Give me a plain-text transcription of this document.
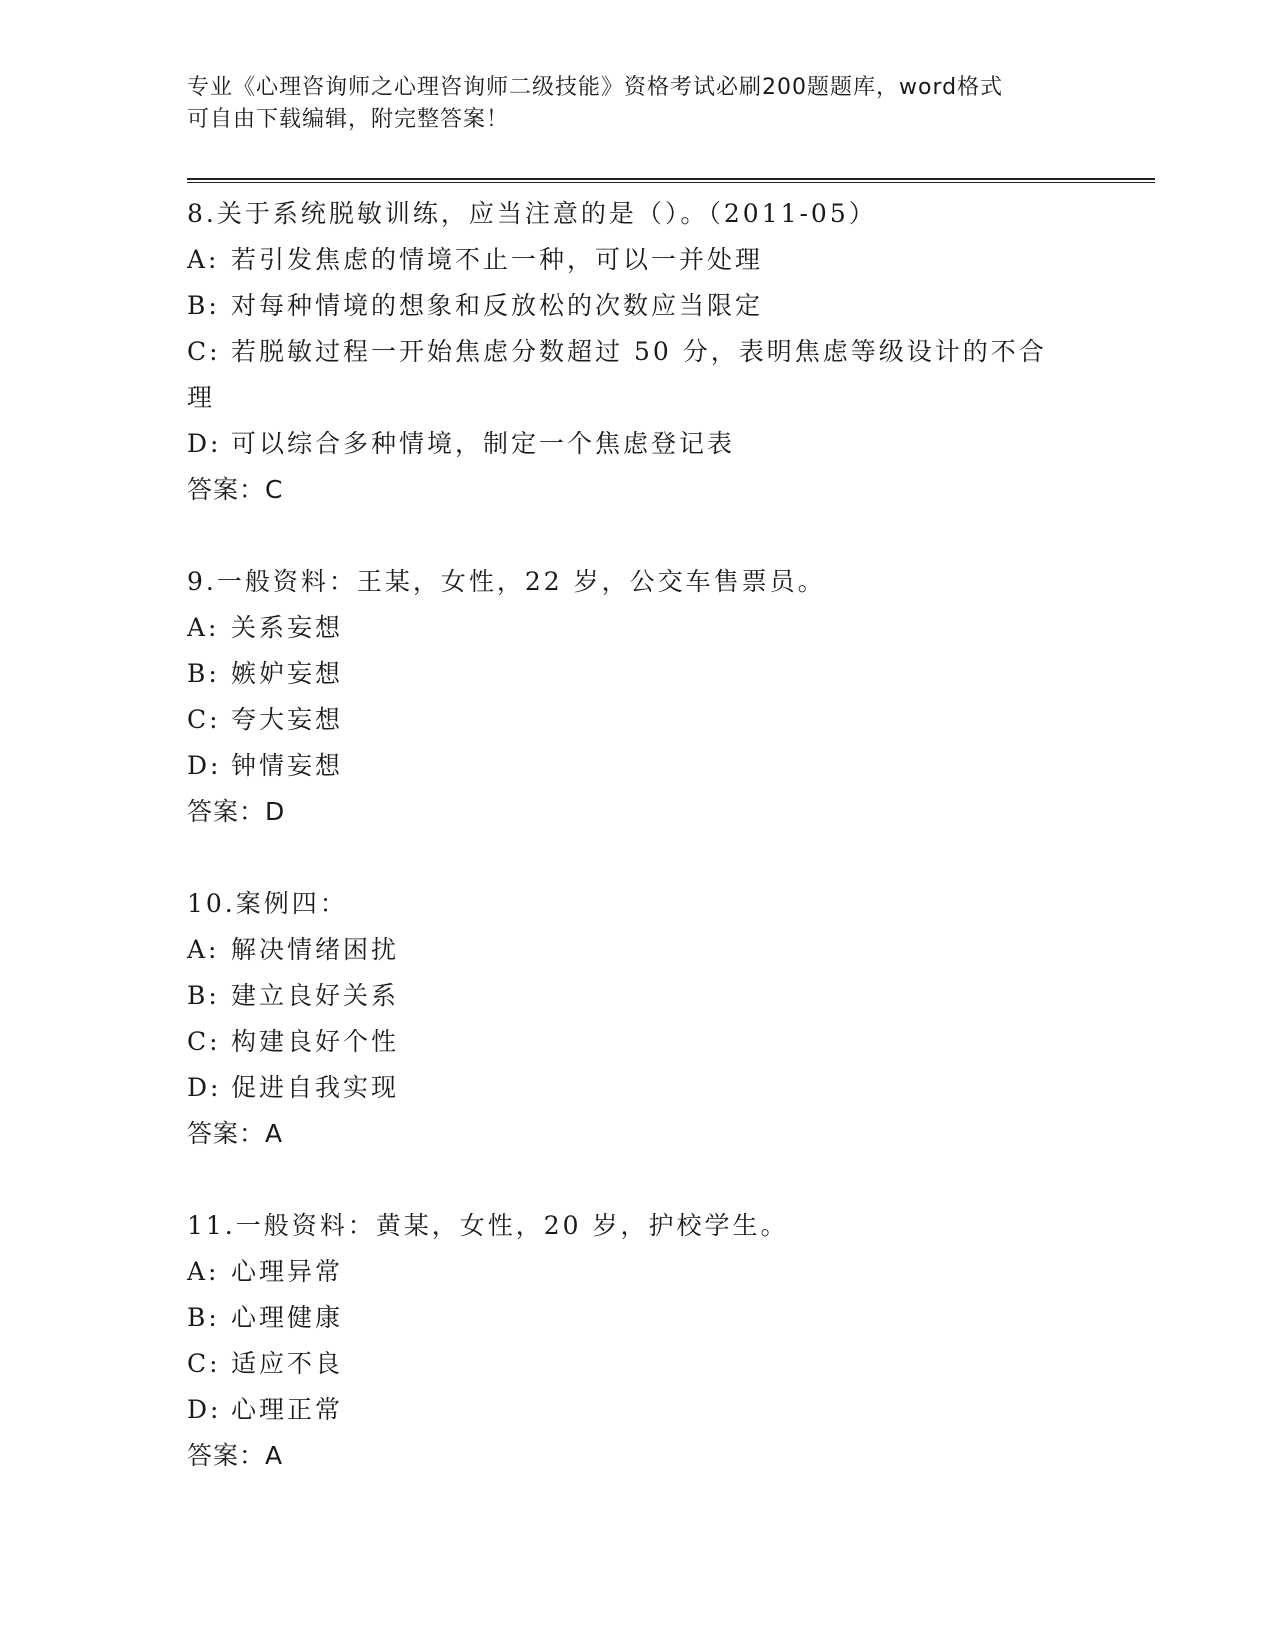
专业《心理咨询师之心理咨询师二级技能》资格考试必刷200题题库，word格式
可自由下载编辑，附完整答案！
8.关于系统脱敏训练，应当注意的是（）。（2011-05）
A: 若引发焦虑的情境不止一种，可以一并处理
B: 对每种情境的想象和反放松的次数应当限定
C: 若脱敏过程一开始焦虑分数超过 50 分，表明焦虑等级设计的不合
理
D: 可以综合多种情境，制定一个焦虑登记表
答案：C
9.一般资料：王某，女性，22 岁，公交车售票员。
A: 关系妄想
B: 嫉妒妄想
C: 夸大妄想
D: 钟情妄想
答案：D
10.案例四：
A: 解决情绪困扰
B: 建立良好关系
C: 构建良好个性
D: 促进自我实现
答案：A
11.一般资料：黄某，女性，20 岁，护校学生。
A: 心理异常
B: 心理健康
C: 适应不良
D: 心理正常
答案：A
